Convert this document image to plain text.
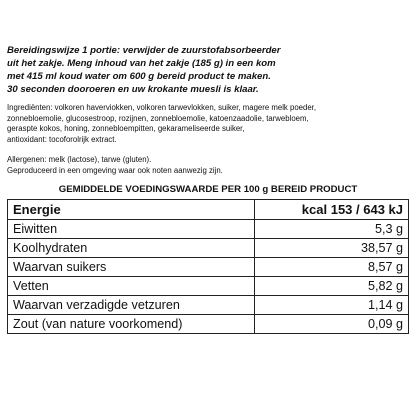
Bereidingswijze 1 portie: verwijder de zuurstofabsorbeerder
uit het zakje. Meng inhoud van het zakje (185 g) in een kom
met 415 ml koud water om 600 g bereid product te maken.
30 seconden dooroeren en uw krokante muesli is klaar.
Ingrediënten: volkoren haverviokken, volkoren tarwevlokken, suiker, magere melk poeder,
zonnebloemolie, glucosestroop, rozijnen, zonnebloemolie, katoenzaadolie, tarwebloem,
geraspte kokos, honing, zonnebloempitten, gekarameliseerde suiker,
antioxidant: tocoforolrijk extract.
Allergenen: melk (lactose), tarwe (gluten).
Geproduceerd in een omgeving waar ook noten aanwezig zijn.
GEMIDDELDE VOEDINGSWAARDE PER 100 g BEREID PRODUCT
Energie	kcal 153 / 643 kJ
Eiwitten	5,3 g
Koolhydraten	38,57 g
Waarvan suikers	8,57 g
Vetten	5,82 g
Waarvan verzadigde vetzuren	1,14 g
Zout (van nature voorkomend)	0,09 g
